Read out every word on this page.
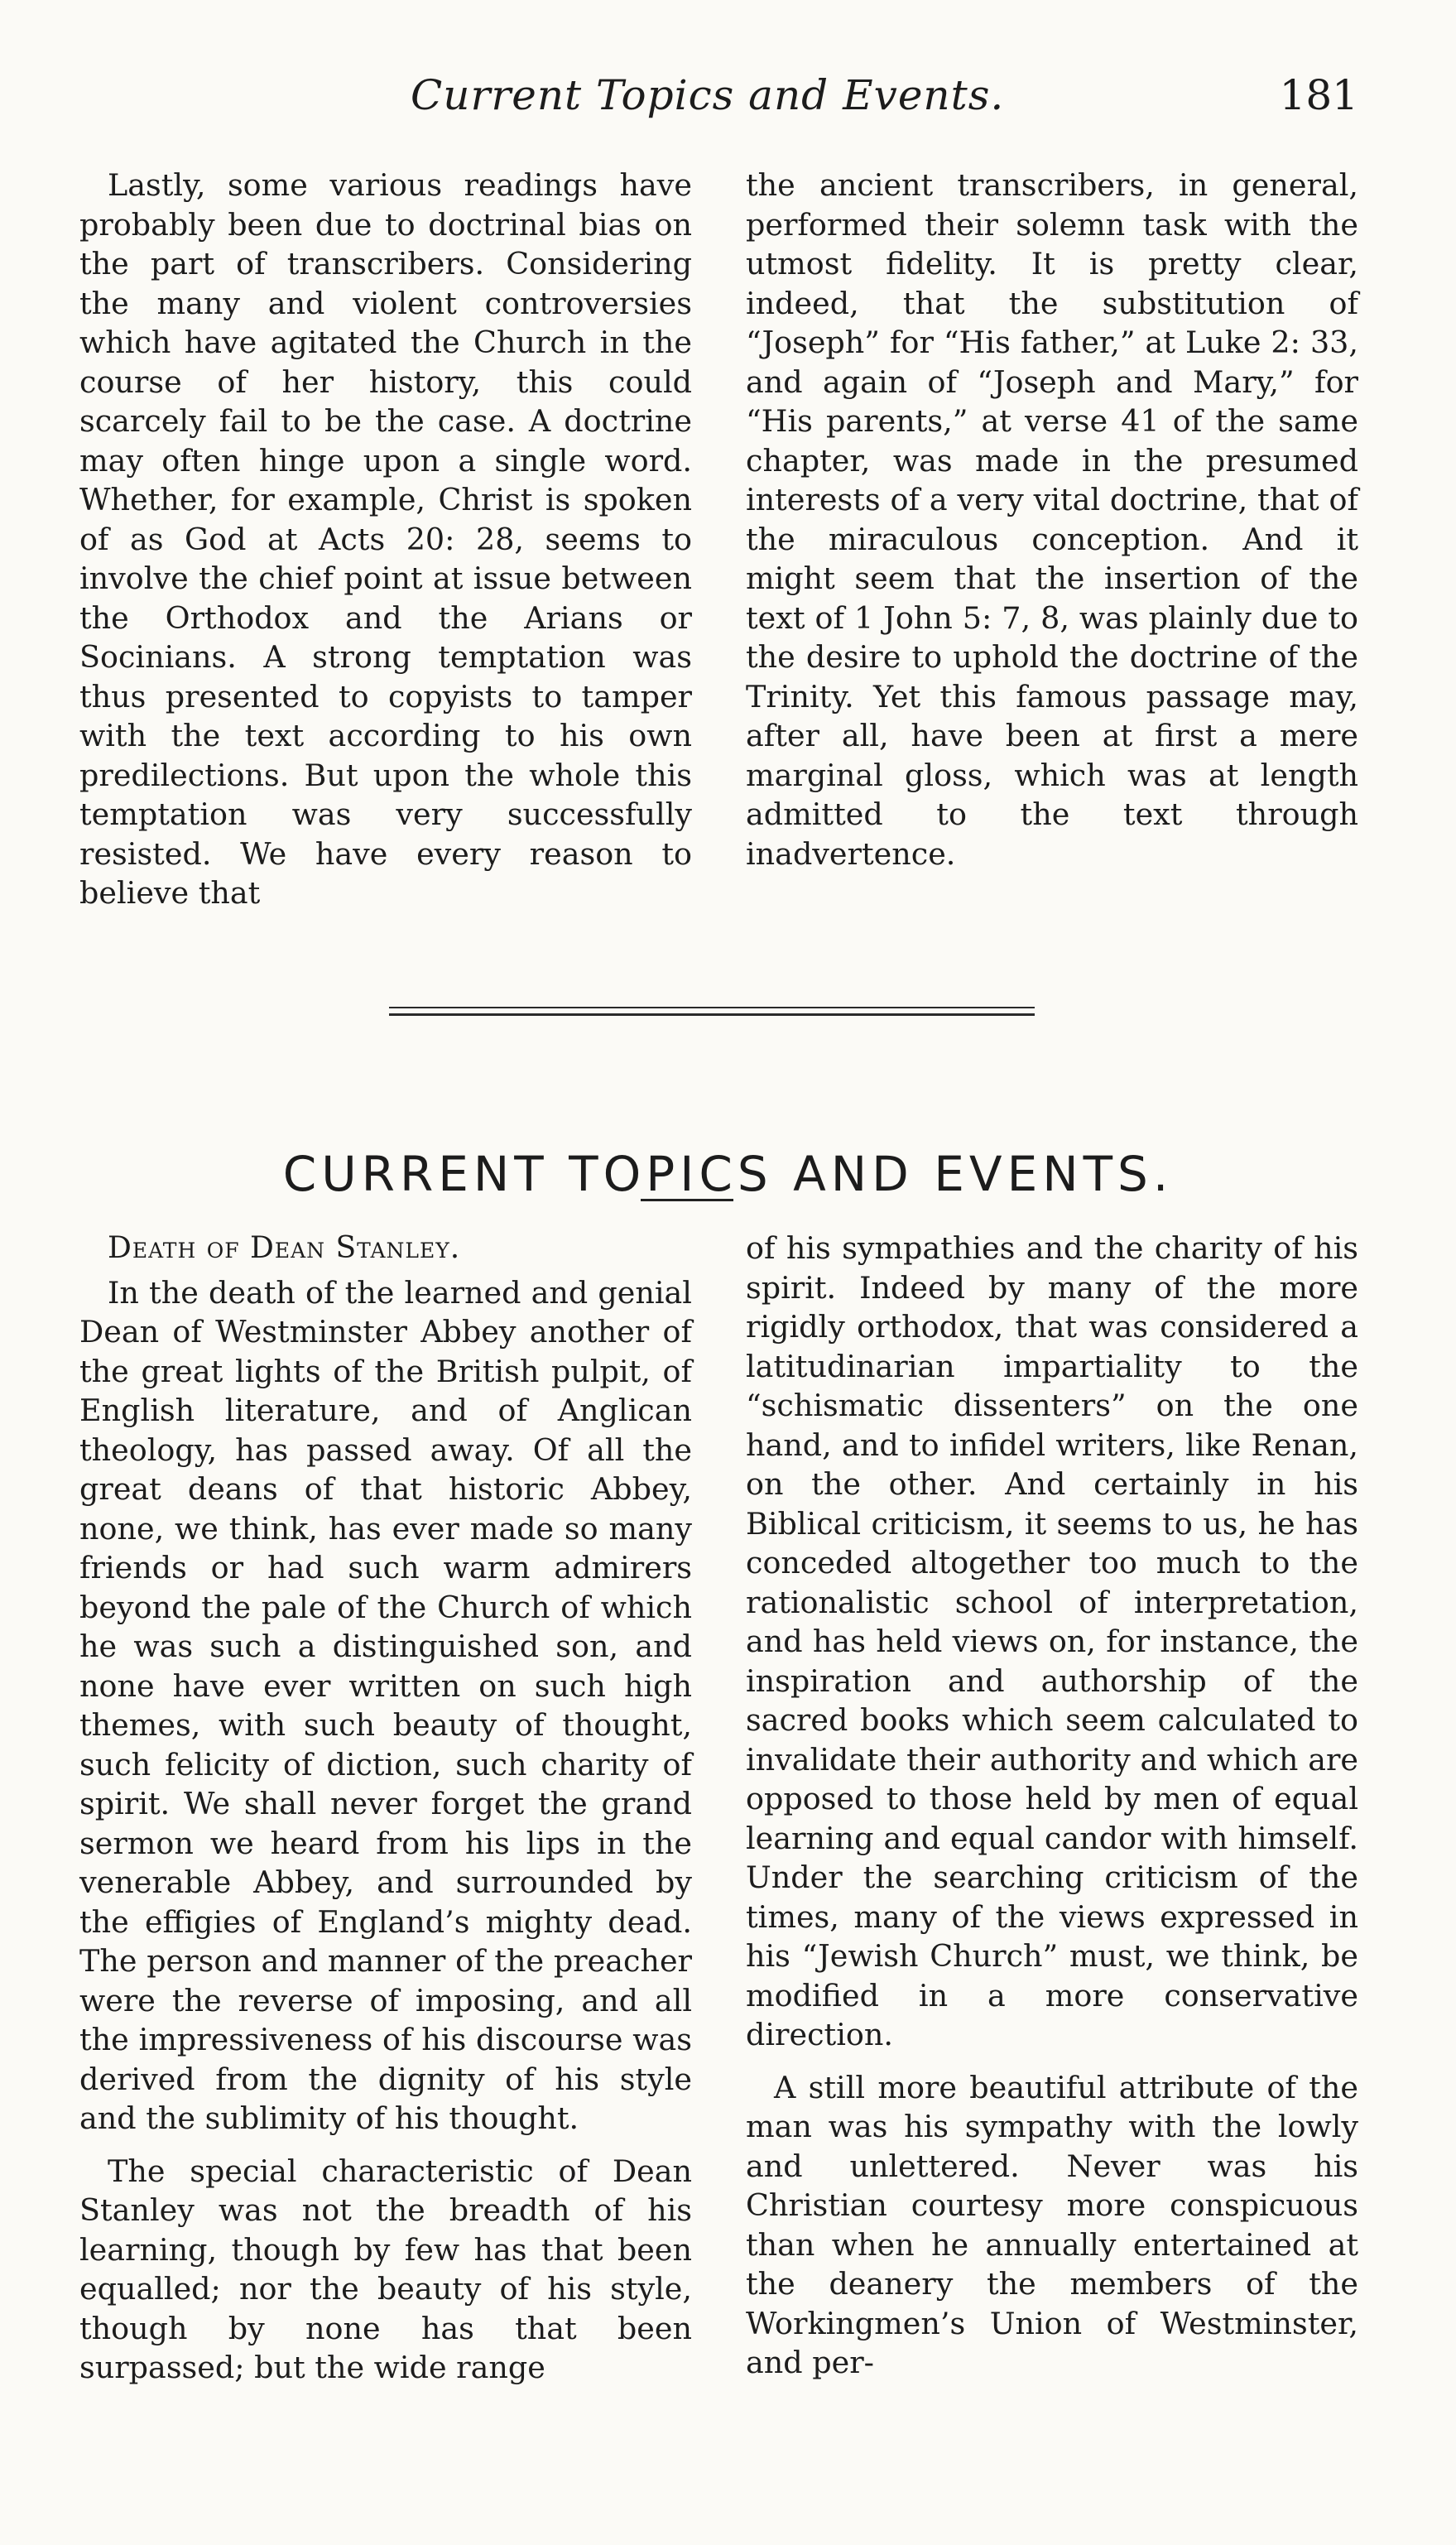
Current Topics and Events.	181

Lastly, some various readings have probably been due to doctrinal bias on the part of transcribers. Considering the many and violent controversies which have agitated the Church in the course of her history, this could scarcely fail to be the case. A doctrine may often hinge upon a single word. Whether, for example, Christ is spoken of as God at Acts 20: 28, seems to involve the chief point at issue between the Orthodox and the Arians or Socinians. A strong temptation was thus presented to copyists to tamper with the text according to his own predilections. But upon the whole this temptation was very successfully resisted. We have every reason to believe that

the ancient transcribers, in general, performed their solemn task with the utmost fidelity. It is pretty clear, indeed, that the substitution of “Joseph” for “His father,” at Luke 2: 33, and again of “Joseph and Mary,” for “His parents,” at verse 41 of the same chapter, was made in the presumed interests of a very vital doctrine, that of the miraculous conception. And it might seem that the insertion of the text of 1 John 5: 7, 8, was plainly due to the desire to uphold the doctrine of the Trinity. Yet this famous passage may, after all, have been at first a mere marginal gloss, which was at length admitted to the text through inadvertence.

CURRENT TOPICS AND EVENTS.
Death of Dean Stanley.

In the death of the learned and genial Dean of Westminster Abbey another of the great lights of the British pulpit, of English literature, and of Anglican theology, has passed away. Of all the great deans of that historic Abbey, none, we think, has ever made so many friends or had such warm admirers beyond the pale of the Church of which he was such a distinguished son, and none have ever written on such high themes, with such beauty of thought, such felicity of diction, such charity of spirit. We shall never forget the grand sermon we heard from his lips in the venerable Abbey, and surrounded by the effigies of England’s mighty dead. The person and manner of the preacher were the reverse of imposing, and all the impressiveness of his discourse was derived from the dignity of his style and the sublimity of his thought.

The special characteristic of Dean Stanley was not the breadth of his learning, though by few has that been equalled; nor the beauty of his style, though by none has that been surpassed; but the wide range

of his sympathies and the charity of his spirit. Indeed by many of the more rigidly orthodox, that was considered a latitudinarian impartiality to the “schismatic dissenters” on the one hand, and to infidel writers, like Renan, on the other. And certainly in his Biblical criticism, it seems to us, he has conceded altogether too much to the rationalistic school of interpretation, and has held views on, for instance, the inspiration and authorship of the sacred books which seem calculated to invalidate their authority and which are opposed to those held by men of equal learning and equal candor with himself. Under the searching criticism of the times, many of the views expressed in his “Jewish Church” must, we think, be modified in a more conservative direction.

A still more beautiful attribute of the man was his sympathy with the lowly and unlettered. Never was his Christian courtesy more conspicuous than when he annually entertained at the deanery the members of the Workingmen’s Union of Westminster, and per-
